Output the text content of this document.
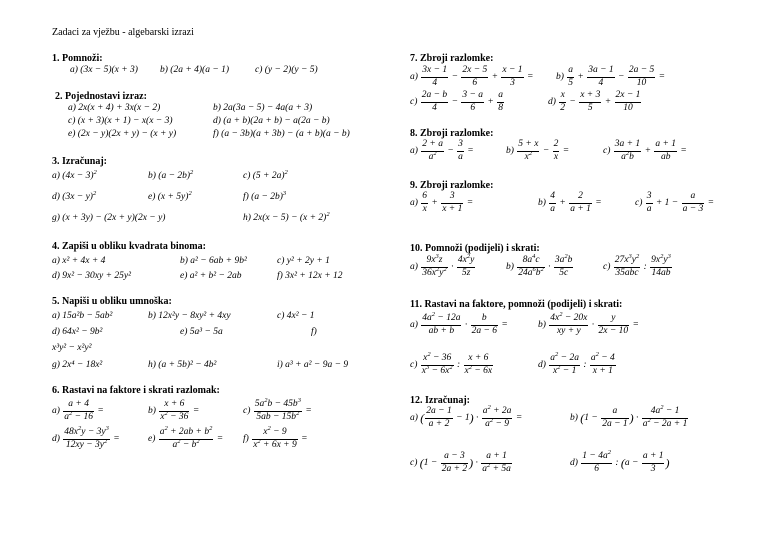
Zadaci za vježbu - algebarski izrazi
1. Pomnoži:
a) (3x − 5)(x + 3) b) (2a + 4)(a − 1)	c) (y − 2)(y − 5)
2. Pojednostavi izraz:
a) 2x(x + 4) + 3x(x − 2)	b) 2a(3a − 5) − 4a(a + 3)
c) (x + 3)(x + 1) − x(x − 3)	d) (a + b)(2a + b) − a(2a − b)
e) (2x − y)(2x + y) − (x + y)	f) (a − 3b)(a + 3b) − (a + b)(a − b)
3. Izračunaj:
a) $(4x - 3)^2$	b) $(a - 2b)^2$	c) $(5 + 2a)^2$
d) $(3x - y)^2$	e) $(x + 5y)^2$	f) $(a - 2b)^3$
g) (x + 3y) − (2x + y)(2x − y)	h) $2x(x - 5) - (x + 2)^2$
4. Zapiši u obliku kvadrata binoma:
a) x² + 4x + 4	b) a² − 6ab + 9b²	c) y² + 2y + 1
d) 9x² − 30xy + 25y²	e) a² + b² − 2ab	f) 3x² + 12x + 12
5. Napiši u obliku umnoška:
a) 15a²b − 5ab²	b) 12x²y − 8xy² + 4xy	c) 4x² − 1
d) 64x² − 9b²	e) 5a³ − 5a	f)
x³y² − x²y²
g) 2x⁴ − 18x²	h) (a + 5b)² − 4b²	i) a³ + a² − 9a − 9
6. Rastavi na faktore i skrati razlomak:
$a) \frac{a + 4}{a^2 - 16}$ =	$b) \frac{x + 6}{x^2 - 36}$ =	$c) \frac{5a^2b - 45b^3}{5ab - 15b^2}$ =
$d) \frac{48x^2y - 3y^3}{12xy - 3y^2}$ =	$e) \frac{a^2 + 2ab + b^2}{a^2 - b^2} = f) \frac{x^2 - 9}{x^2 + 6x + 9}$ =
7. Zbroji razlomke:
$a) \frac{3x - 1}{4} - \frac{2x - 5}{6} + \frac{x - 1}{3} = b) \frac{a}{5} + \frac{3a - 1}{4} - \frac{2a - 5}{10}$ =
$c) \frac{2a - b}{4} - \frac{3 - a}{6} + \frac{a}{8}$	$d) \frac{x}{2} - \frac{x + 3}{5} + \frac{2x - 1}{10}$
8. Zbroji razlomke:
$a) \frac{2 + a}{a^2} - \frac{3}{a}$ =	$b) \frac{5 + x}{x^2} - \frac{2}{x}$ =	$c) \frac{3a + 1}{a^2b} + \frac{a + 1}{ab}$ =
9. Zbroji razlomke:
$a) \frac{6}{x} + \frac{3}{x + 1}$ =	$b) \frac{4}{a} + \frac{2}{a + 1}$ =	$c) \frac{3}{a} + 1 - \frac{a}{a - 3}$ =
10. Pomnoži (podijeli) i skrati:
$a) \frac{9x^3z}{36x^2y^2} \cdot \frac{4x^2y}{5z}$	$b) \frac{8a^4c}{24a^6b^2} \cdot \frac{3a^2b}{5c}$	$c) \frac{27x^3y^2}{\text{35abc}}$ : $\frac{9x^2y^3}{14ab}$
11. Rastavi na faktore, pomnoži (podijeli) i skrati:
$a) \frac{4a^2 - 12a}{ab + b} \cdot \frac{b}{2a - 6}$ =	$b) \frac{4x^2 - 20x}{xy + y} \cdot \frac{y}{2x - 10}$ =
$c) \frac{x^2 - 36}{x^3 - 6x^2}$ : $\frac{x + 6}{x^2 - 6x}$	$d) \frac{a^2 - 2a}{x^2 - 1}$ : $\frac{a^2 - 4}{x + 1}$
12. Izračunaj:
a) ( $\frac{2a - 1}{a + 2} - 1) \cdot \frac{a^2 + 2a}{a^2 - 9}$ =	b) ($1 - \frac{a}{2a - 1}$ ) · $\frac{4a^2 - 1}{a^2 - 2a + 1}$
c) ($1 - \frac{a - 3}{2a + 2}$ ) · $\frac{a + 1}{a^2 + 5a}$	$d) \frac{1 - 4a^2}{6}$ : ($a - \frac{a + 1}{3}$ )
